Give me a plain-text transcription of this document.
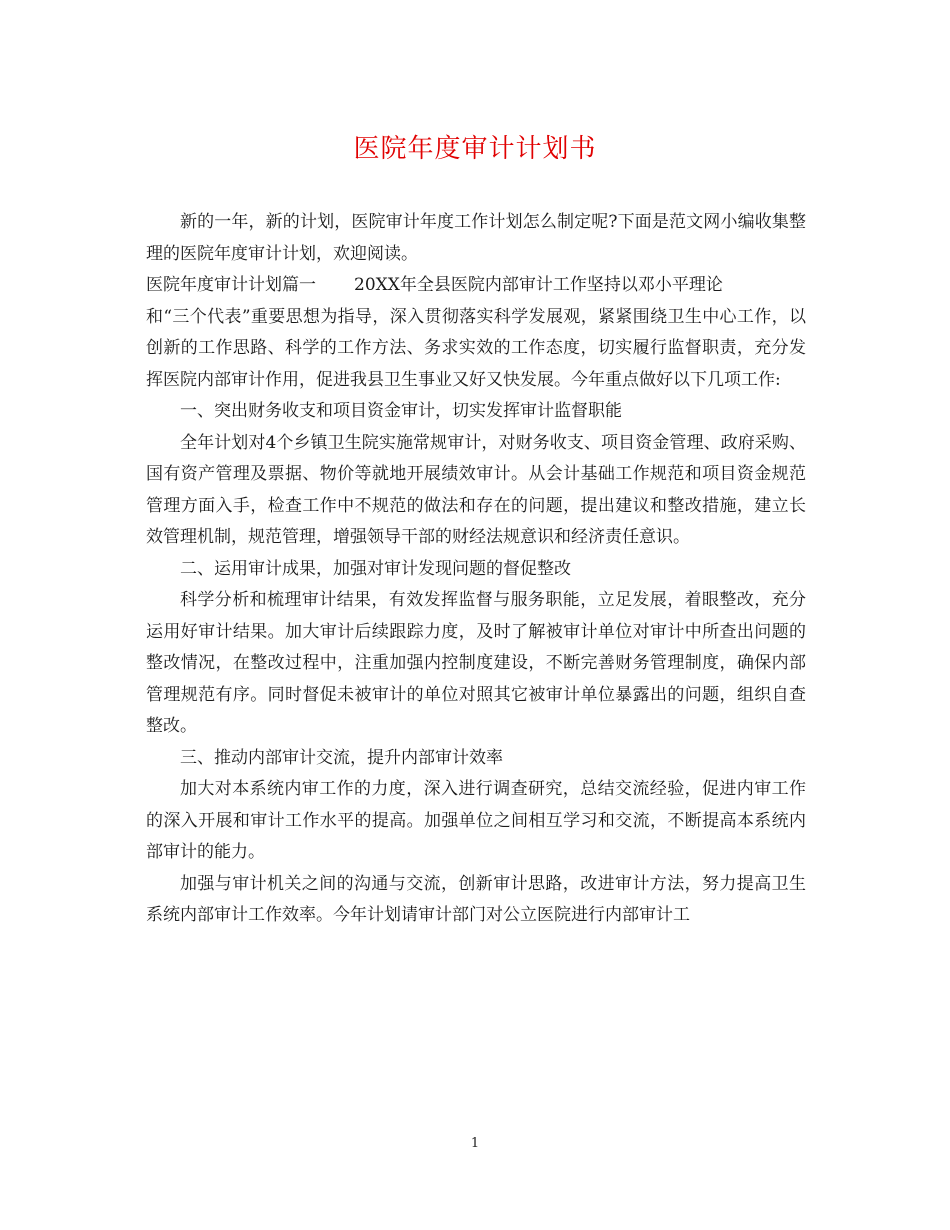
医院年度审计计划书

新的一年，新的计划，医院审计年度工作计划怎么制定呢?下面是范文网小编收集整理的医院年度审计计划，欢迎阅读。

医院年度审计计划篇一 20XX年全县医院内部审计工作坚持以邓小平理论

和“三个代表”重要思想为指导，深入贯彻落实科学发展观，紧紧围绕卫生中心工作，以创新的工作思路、科学的工作方法、务求实效的工作态度，切实履行监督职责，充分发挥医院内部审计作用，促进我县卫生事业又好又快发展。今年重点做好以下几项工作:

一、突出财务收支和项目资金审计，切实发挥审计监督职能

全年计划对4个乡镇卫生院实施常规审计，对财务收支、项目资金管理、政府采购、国有资产管理及票据、物价等就地开展绩效审计。从会计基础工作规范和项目资金规范管理方面入手，检查工作中不规范的做法和存在的问题，提出建议和整改措施，建立长效管理机制，规范管理，增强领导干部的财经法规意识和经济责任意识。

二、运用审计成果，加强对审计发现问题的督促整改

科学分析和梳理审计结果，有效发挥监督与服务职能，立足发展，着眼整改，充分运用好审计结果。加大审计后续跟踪力度，及时了解被审计单位对审计中所查出问题的整改情况，在整改过程中，注重加强内控制度建设，不断完善财务管理制度，确保内部管理规范有序。同时督促未被审计的单位对照其它被审计单位暴露出的问题，组织自查整改。

三、推动内部审计交流，提升内部审计效率

加大对本系统内审工作的力度，深入进行调查研究，总结交流经验，促进内审工作的深入开展和审计工作水平的提高。加强单位之间相互学习和交流，不断提高本系统内部审计的能力。

加强与审计机关之间的沟通与交流，创新审计思路，改进审计方法，努力提高卫生系统内部审计工作效率。今年计划请审计部门对公立医院进行内部审计工

1
